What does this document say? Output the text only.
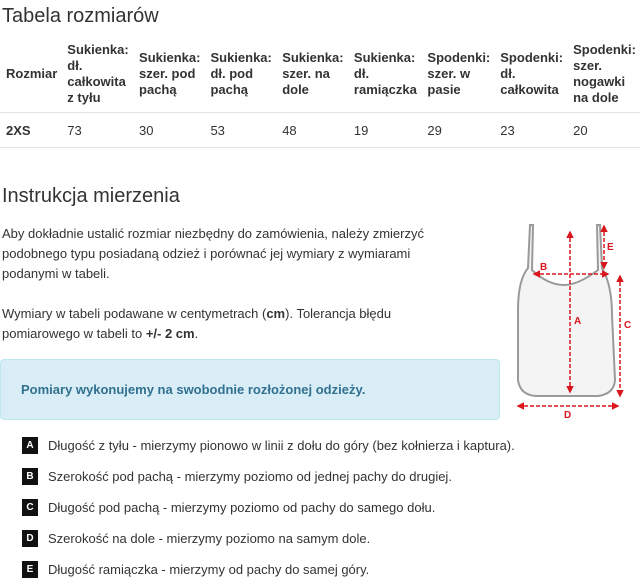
Tabela rozmiarów
Rozmiar	Sukienka: dł. całkowita z tyłu	Sukienka: szer. pod pachą	Sukienka: dł. pod pachą	Sukienka: szer. na dole	Sukienka: dł. ramiączka	Spodenki: szer. w pasie	Spodenki: dł. całkowita	Spodenki: szer. nogawki na dole
2XS	73	30	53	48	19	29	23	20
Instrukcja mierzenia

Aby dokładnie ustalić rozmiar niezbędny do zamówienia, należy zmierzyć podobnego typu posiadaną odzież i porównać jej wymiary z wymiarami podanymi w tabeli.

Wymiary w tabeli podawane w centymetrach (cm). Tolerancja błędu pomiarowego w tabeli to +/- 2 cm.

Pomiary wykonujemy na swobodnie rozłożonej odzieży.
A	Długość z tyłu - mierzymy pionowo w linii z dołu do góry (bez kołnierza i kaptura).
B	Szerokość pod pachą - mierzymy poziomo od jednej pachy do drugiej.
C	Długość pod pachą - mierzymy poziomo od pachy do samego dołu.
D	Szerokość na dole - mierzymy poziomo na samym dole.
E	Długość ramiączka - mierzymy od pachy do samej góry.
A
B
C
D
E
